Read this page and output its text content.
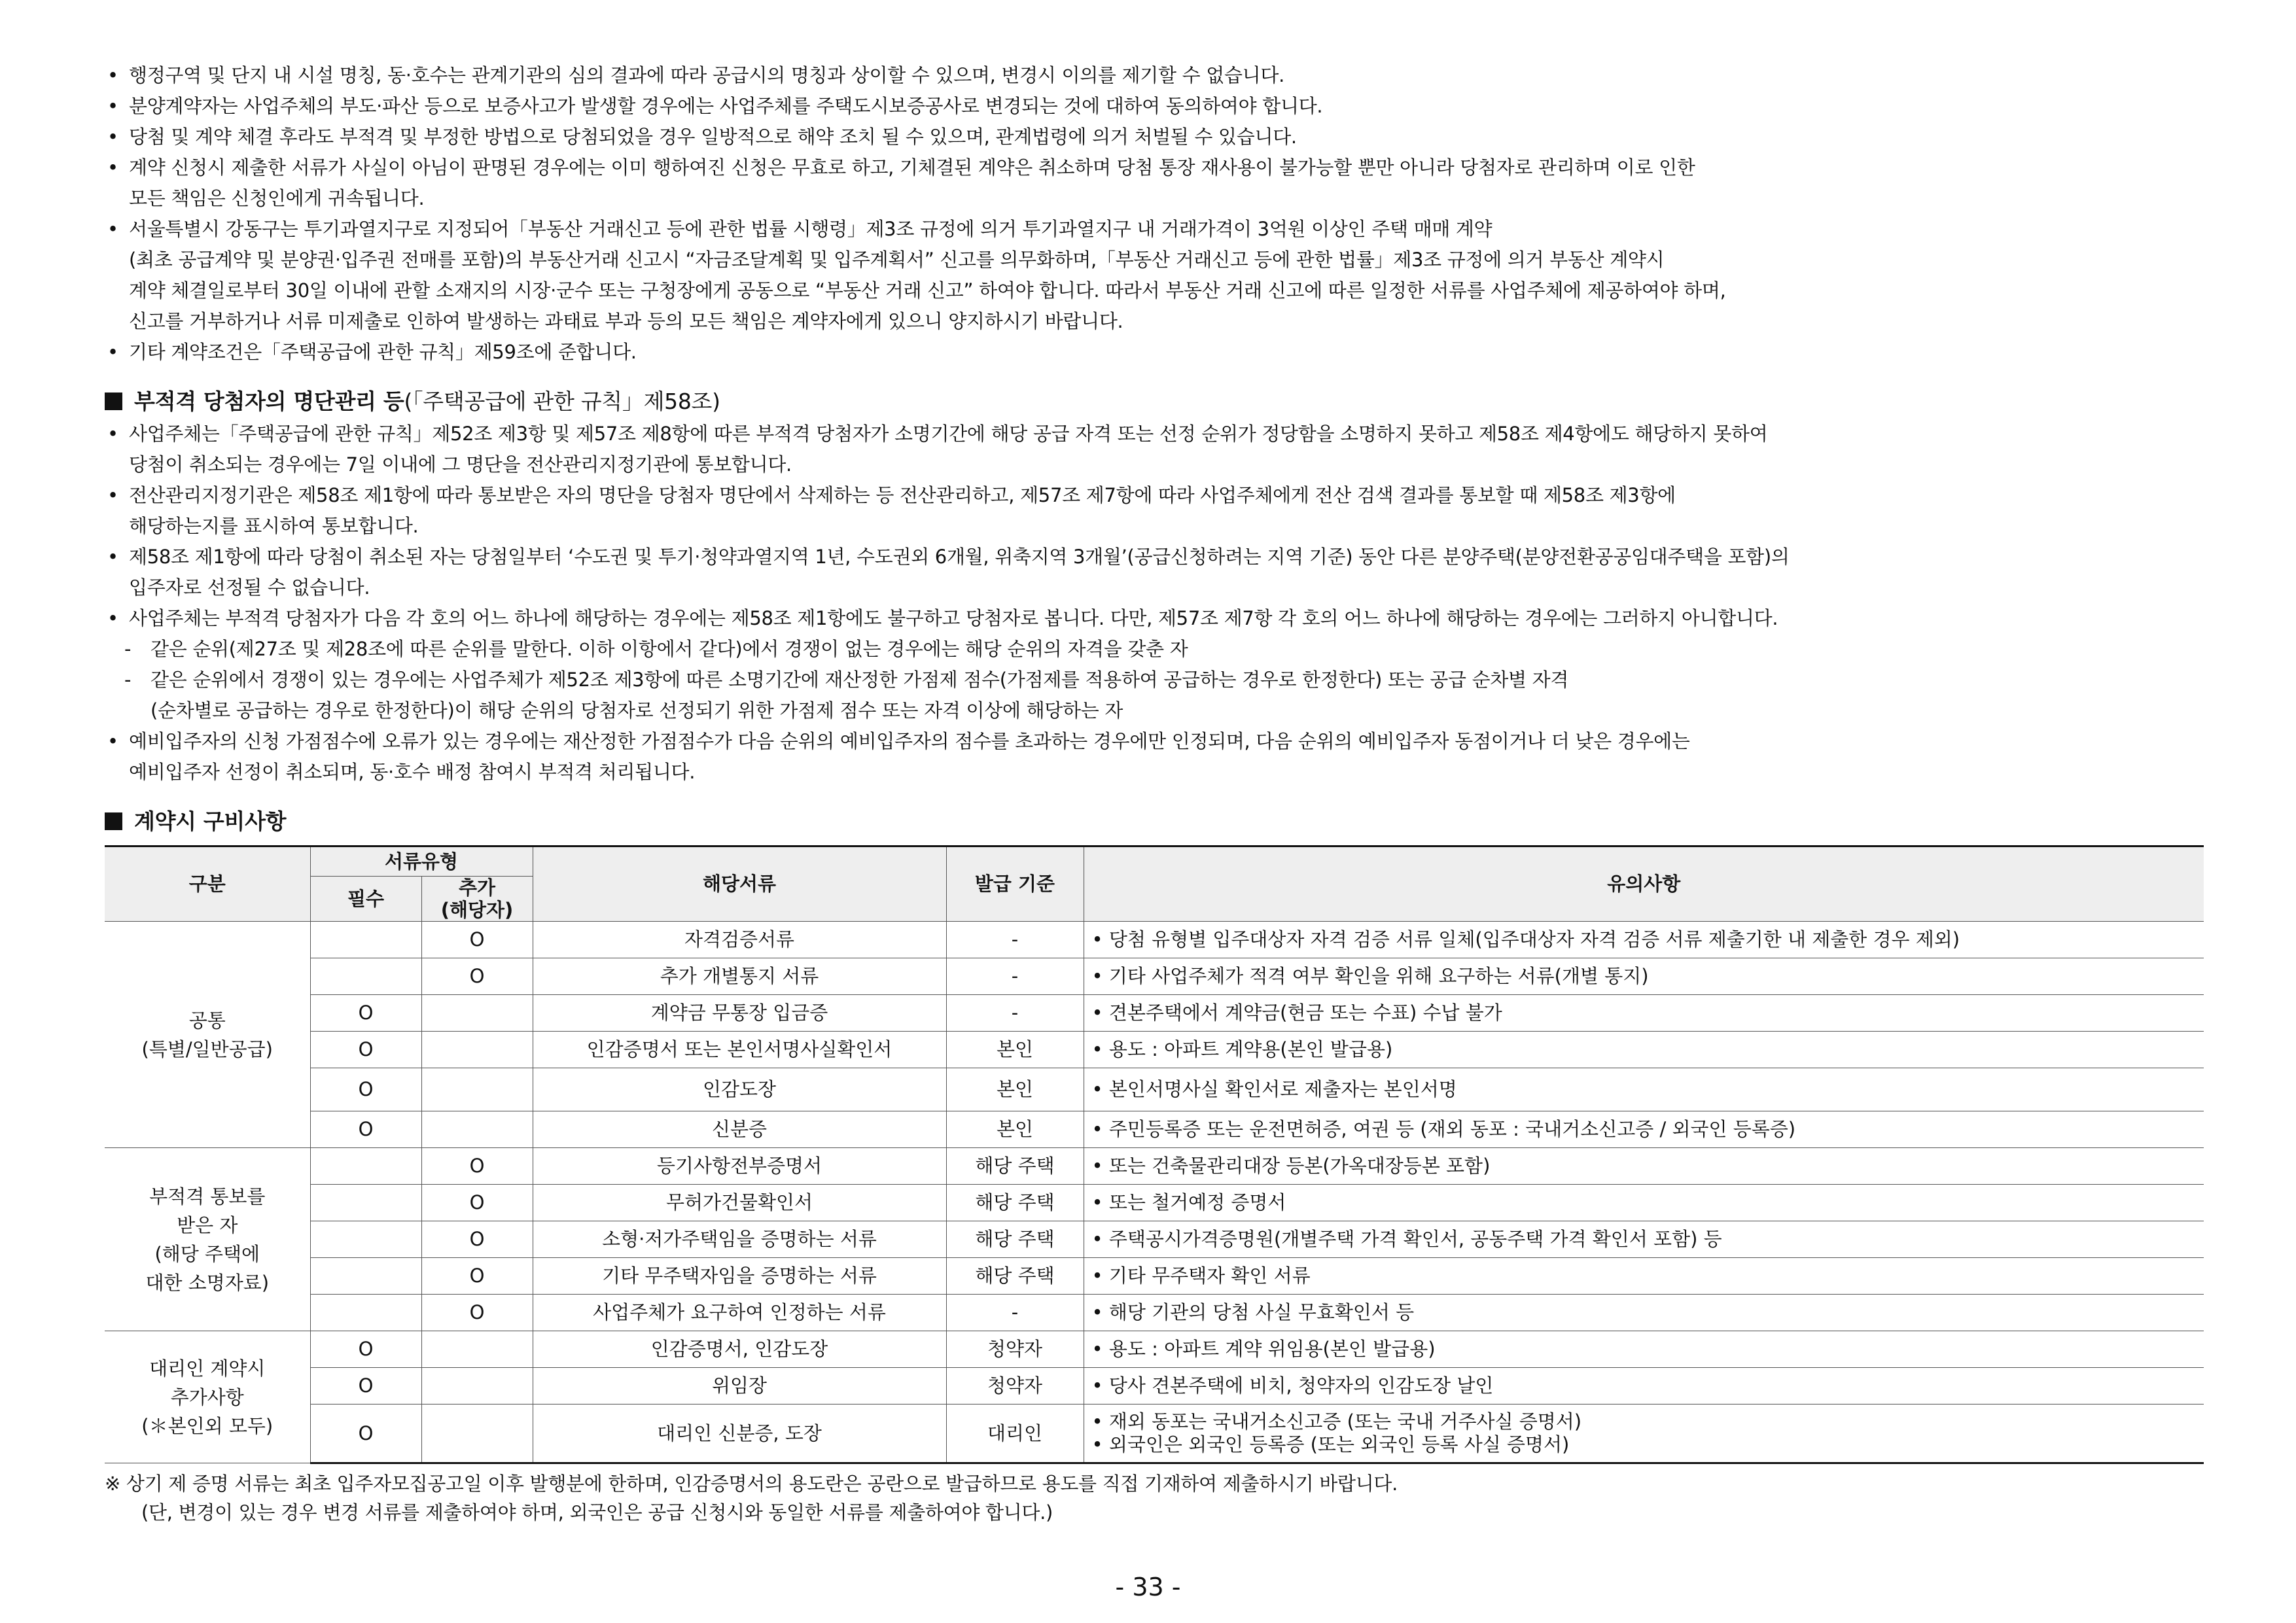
• 행정구역 및 단지 내 시설 명칭, 동·호수는 관계기관의 심의 결과에 따라 공급시의 명칭과 상이할 수 있으며, 변경시 이의를 제기할 수 없습니다.
• 분양계약자는 사업주체의 부도·파산 등으로 보증사고가 발생할 경우에는 사업주체를 주택도시보증공사로 변경되는 것에 대하여 동의하여야 합니다.
• 당첨 및 계약 체결 후라도 부적격 및 부정한 방법으로 당첨되었을 경우 일방적으로 해약 조치 될 수 있으며, 관계법령에 의거 처벌될 수 있습니다.
• 계약 신청시 제출한 서류가 사실이 아님이 판명된 경우에는 이미 행하여진 신청은 무효로 하고, 기체결된 계약은 취소하며 당첨 통장 재사용이 불가능할 뿐만 아니라 당첨자로 관리하며 이로 인한
모든 책임은 신청인에게 귀속됩니다.
• 서울특별시 강동구는 투기과열지구로 지정되어「부동산 거래신고 등에 관한 법률 시행령」제3조 규정에 의거 투기과열지구 내 거래가격이 3억원 이상인 주택 매매 계약
(최초 공급계약 및 분양권·입주권 전매를 포함)의 부동산거래 신고시 “자금조달계획 및 입주계획서” 신고를 의무화하며,「부동산 거래신고 등에 관한 법률」제3조 규정에 의거 부동산 계약시
계약 체결일로부터 30일 이내에 관할 소재지의 시장·군수 또는 구청장에게 공동으로 “부동산 거래 신고” 하여야 합니다. 따라서 부동산 거래 신고에 따른 일정한 서류를 사업주체에 제공하여야 하며,
신고를 거부하거나 서류 미제출로 인하여 발생하는 과태료 부과 등의 모든 책임은 계약자에게 있으니 양지하시기 바랍니다.
• 기타 계약조건은「주택공급에 관한 규칙」제59조에 준합니다.
부적격 당첨자의 명단관리 등(「주택공급에 관한 규칙」제58조)
• 사업주체는「주택공급에 관한 규칙」제52조 제3항 및 제57조 제8항에 따른 부적격 당첨자가 소명기간에 해당 공급 자격 또는 선정 순위가 정당함을 소명하지 못하고 제58조 제4항에도 해당하지 못하여
당첨이 취소되는 경우에는 7일 이내에 그 명단을 전산관리지정기관에 통보합니다.
• 전산관리지정기관은 제58조 제1항에 따라 통보받은 자의 명단을 당첨자 명단에서 삭제하는 등 전산관리하고, 제57조 제7항에 따라 사업주체에게 전산 검색 결과를 통보할 때 제58조 제3항에
해당하는지를 표시하여 통보합니다.
• 제58조 제1항에 따라 당첨이 취소된 자는 당첨일부터 ‘수도권 및 투기·청약과열지역 1년, 수도권외 6개월, 위축지역 3개월’(공급신청하려는 지역 기준) 동안 다른 분양주택(분양전환공공임대주택을 포함)의
입주자로 선정될 수 없습니다.
• 사업주체는 부적격 당첨자가 다음 각 호의 어느 하나에 해당하는 경우에는 제58조 제1항에도 불구하고 당첨자로 봅니다. 다만, 제57조 제7항 각 호의 어느 하나에 해당하는 경우에는 그러하지 아니합니다.
- 같은 순위(제27조 및 제28조에 따른 순위를 말한다. 이하 이항에서 같다)에서 경쟁이 없는 경우에는 해당 순위의 자격을 갖춘 자
- 같은 순위에서 경쟁이 있는 경우에는 사업주체가 제52조 제3항에 따른 소명기간에 재산정한 가점제 점수(가점제를 적용하여 공급하는 경우로 한정한다) 또는 공급 순차별 자격
(순차별로 공급하는 경우로 한정한다)이 해당 순위의 당첨자로 선정되기 위한 가점제 점수 또는 자격 이상에 해당하는 자
• 예비입주자의 신청 가점점수에 오류가 있는 경우에는 재산정한 가점점수가 다음 순위의 예비입주자의 점수를 초과하는 경우에만 인정되며, 다음 순위의 예비입주자 동점이거나 더 낮은 경우에는
예비입주자 선정이 취소되며, 동·호수 배정 참여시 부적격 처리됩니다.
계약시 구비사항
구분	서류유형		해당서류	발급 기준	유의사항
	필수	추가
(해당자)			

공통
(특별/일반공급)		O	자격검증서류	-	• 당첨 유형별 입주대상자 자격 검증 서류 일체(입주대상자 자격 검증 서류 제출기한 내 제출한 경우 제외)

		O	추가 개별통지 서류	-	• 기타 사업주체가 적격 여부 확인을 위해 요구하는 서류(개별 통지)

	O		계약금 무통장 입금증	-	• 견본주택에서 계약금(현금 또는 수표) 수납 불가

	O		인감증명서 또는 본인서명사실확인서	본인	• 용도 : 아파트 계약용(본인 발급용)

	O		인감도장	본인	• 본인서명사실 확인서로 제출자는 본인서명

	O		신분증	본인	• 주민등록증 또는 운전면허증, 여권 등 (재외 동포 : 국내거소신고증 / 외국인 등록증)

부적격 통보를
받은 자
(해당 주택에
대한 소명자료)		O	등기사항전부증명서	해당 주택	• 또는 건축물관리대장 등본(가옥대장등본 포함)

		O	무허가건물확인서	해당 주택	• 또는 철거예정 증명서

		O	소형·저가주택임을 증명하는 서류	해당 주택	• 주택공시가격증명원(개별주택 가격 확인서, 공동주택 가격 확인서 포함) 등

		O	기타 무주택자임을 증명하는 서류	해당 주택	• 기타 무주택자 확인 서류

		O	사업주체가 요구하여 인정하는 서류	-	• 해당 기관의 당첨 사실 무효확인서 등

대리인 계약시
추가사항
(＊본인외 모두)	O		인감증명서, 인감도장	청약자	• 용도 : 아파트 계약 위임용(본인 발급용)

	O		위임장	청약자	• 당사 견본주택에 비치, 청약자의 인감도장 날인

	O		대리인 신분증, 도장	대리인	• 재외 동포는 국내거소신고증 (또는 국내 거주사실 증명서)
• 외국인은 외국인 등록증 (또는 외국인 등록 사실 증명서)
※ 상기 제 증명 서류는 최초 입주자모집공고일 이후 발행분에 한하며, 인감증명서의 용도란은 공란으로 발급하므로 용도를 직접 기재하여 제출하시기 바랍니다.
(단, 변경이 있는 경우 변경 서류를 제출하여야 하며, 외국인은 공급 신청시와 동일한 서류를 제출하여야 합니다.)
- 33 -
